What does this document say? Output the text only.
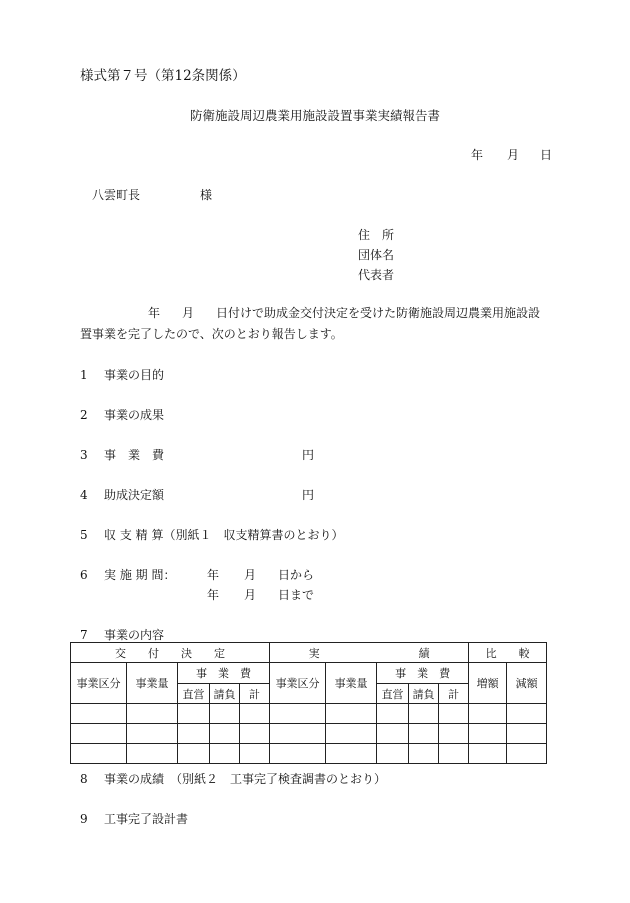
様式第７号（第12条関係）
防衛施設周辺農業用施設設置事業実績報告書
年 月 日
八雲町長	様
住　所
団体名
代表者
年 月 日付けで助成金交付決定を受けた防衛施設周辺農業用施設設置事業を完了したので、次のとおり報告します。
1 事業の目的
2 事業の成果
3 事　業　費	円
4 助成決定額	円
5 収 支 精 算（別紙１　収支精算書のとおり）
6 実 施 期 間：	年 月 日から
年 月 日まで
7 事業の内容
交　　付　　決　　定					実　　　　　　　　　績					比　　較	
事業区分	事業量	事　業　費			事業区分	事業量	事　業　費			増額	減額
		直営	請負	計			直営	請負	計		

8 事業の成績　（別紙２　工事完了検査調書のとおり）
9 工事完了設計書
